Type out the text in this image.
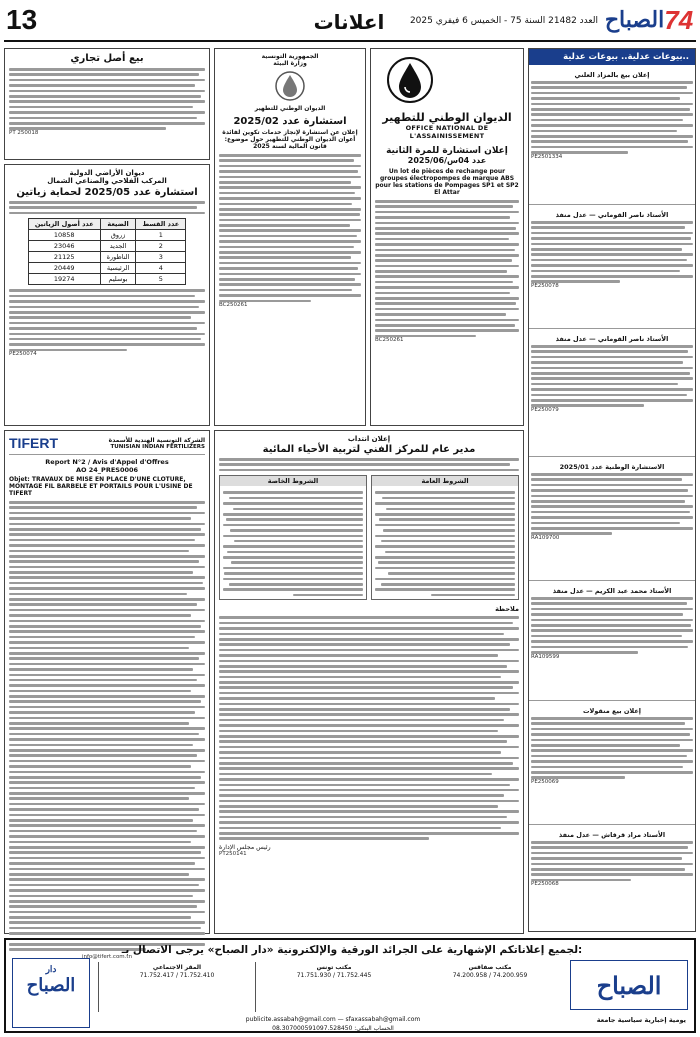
13	اعلانات	العدد 21482 السنة 75 - الخميس 6 فيفري 2025 الصباح 74
بيوعات عدلية.. بيوعات عدلية..
إعلان بيع بالمزاد العلني
PE2501334
الأستاذ ناصر القوماني — عدل منفذ
PE250078
الأستاذ ناصر القوماني — عدل منفذ
PE250079
الاستشارة الوطنية عدد 2025/01
RA109700
الأستاذ محمد عبد الكريم — عدل منفذ
RA109599
إعلان بيع منقولات
PE250069
الأستاذ مراد قرقاش — عدل منفذ
PE250068
الديوان الوطني للتطهير
OFFICE NATIONAL DE L'ASSAINISSEMENT
إعلان استشارة للمرة الثانية
عدد 04س/2025/06
Un lot de pièces de rechange pour groupes électropompes de marque ABS pour les stations de Pompages SP1 et SP2 El Attar
BC250261
الجمهورية التونسية
وزارة البيئة
الديوان الوطني للتطهير
استشارة عدد 2025/02
إعلان عن استشارة لإنجاز خدمات تكوين لفائدة أعوان الديوان الوطني للتطهير حول موضوع: قانون المالية لسنة 2025
BC250261
بيع أصل تجاري
PT 250018
ديوان الأراضي الدولية
المركب الفلاحي والصناعي الشمال
استشارة عدد 2025/05 لحماية زياتين
عدد القسط	الضيعة	عدد أصول الزياتين
1	زروق	10858
2	الجديد	23046
3	الناظورة	21125
4	الرئيسية	20449
5	بوسليم	19274
PE250074
TIFERT	الشركة التونسية الهندية للأسمدة
TUNISIAN INDIAN FERTILIZERS
Report N°2 / Avis d'Appel d'Offres
AO 24_PRES0006
Objet: TRAVAUX DE MISE EN PLACE D'UNE CLOTURE, MONTAGE FIL BARBELE ET PORTAILS POUR L'USINE DE TIFERT
info@tifert.com.tn
إعلان انتداب
مدير عام للمركز الفني لتربية الأحياء المائية
الشروط العامة
الشروط الخاصة
ملاحظة
رئيس مجلس الإدارة
PT250141
لجميع إعلاناتكم الإشهارية على الجرائد الورقية والإلكترونية «دار الصباح» يرجى الاتصال بـ:
الصباح
دار
الصباح
المقر الاجتماعي
71.752.410 / 71.752.417
مكتب تونس
71.752.445 / 71.751.930
مكتب صفاقس
74.200.959 / 74.200.958
publicite.assabah@gmail.com — sfaxassabah@gmail.com
الحساب البنكي: 08.307000591097.528450
يومية إخبارية سياسية جامعة
